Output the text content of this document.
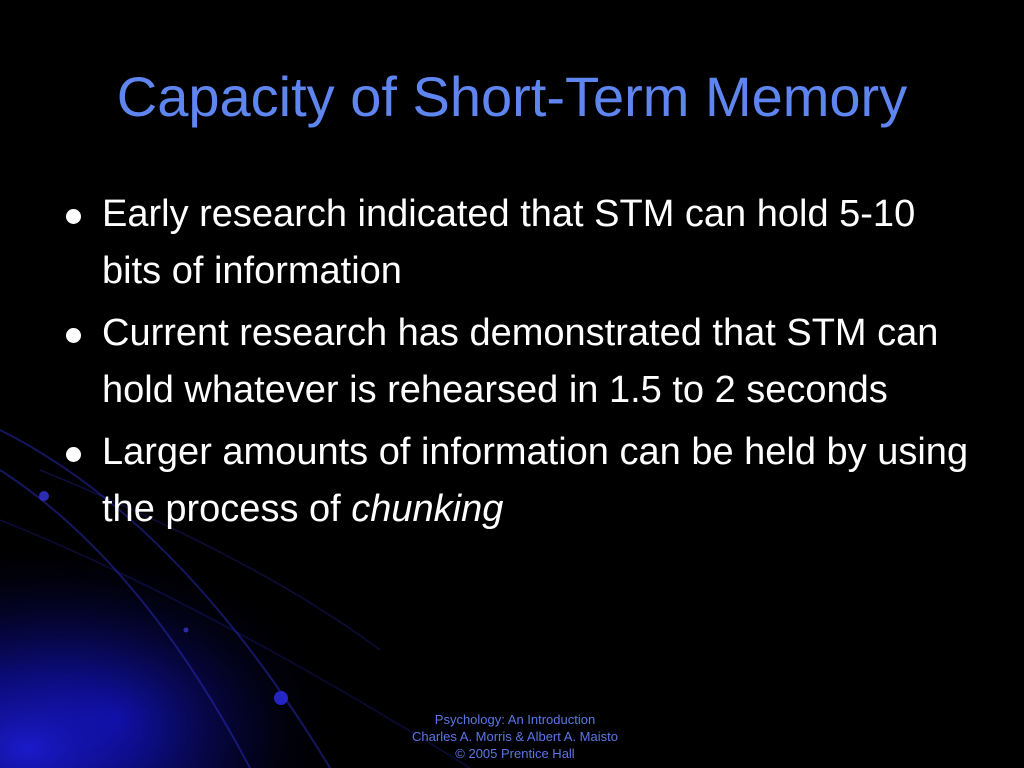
Capacity of Short-Term Memory
Early research indicated that STM can hold 5-10 bits of information
Current research has demonstrated that STM can hold whatever is rehearsed in 1.5 to 2 seconds
Larger amounts of information can be held by using the process of chunking
Psychology: An Introduction
Charles A. Morris & Albert A. Maisto
© 2005 Prentice Hall
